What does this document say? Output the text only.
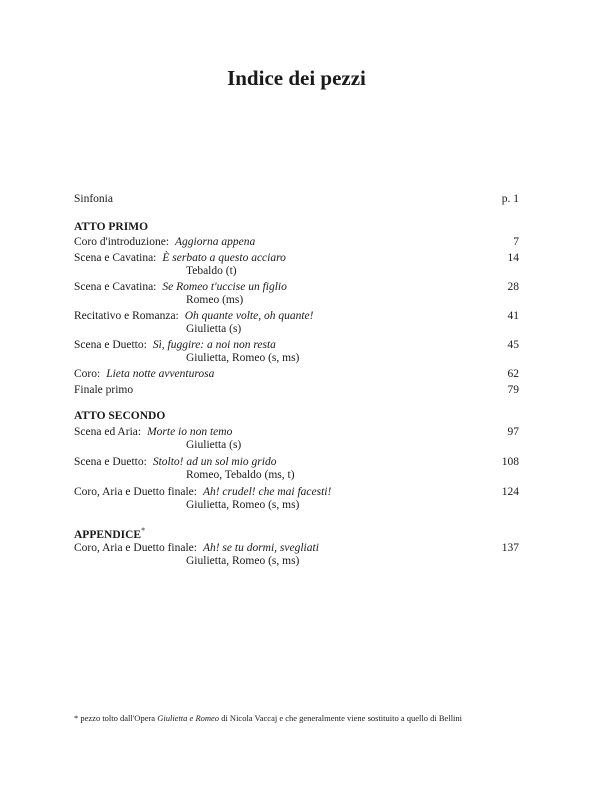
Indice dei pezzi
Sinfonia	p. 1
ATTO PRIMO
Coro d'introduzione: Aggiorna appena	7
Scena e Cavatina: È serbato a questo acciaro	14
Tebaldo (t)
Scena e Cavatina: Se Romeo t'uccise un figlio	28
Romeo (ms)
Recitativo e Romanza: Oh quante volte, oh quante!	41
Giulietta (s)
Scena e Duetto: Sì, fuggire: a noi non resta	45
Giulietta, Romeo (s, ms)
Coro: Lieta notte avventurosa	62
Finale primo	79
ATTO SECONDO
Scena ed Aria: Morte io non temo	97
Giulietta (s)
Scena e Duetto: Stolto! ad un sol mio grido	108
Romeo, Tebaldo (ms, t)
Coro, Aria e Duetto finale: Ah! crudel! che mai facesti!	124
Giulietta, Romeo (s, ms)
APPENDICE*
Coro, Aria e Duetto finale: Ah! se tu dormi, svegliati	137
Giulietta, Romeo (s, ms)
* pezzo tolto dall'Opera Giulietta e Romeo di Nicola Vaccaj e che generalmente viene sostituito a quello di Bellini
